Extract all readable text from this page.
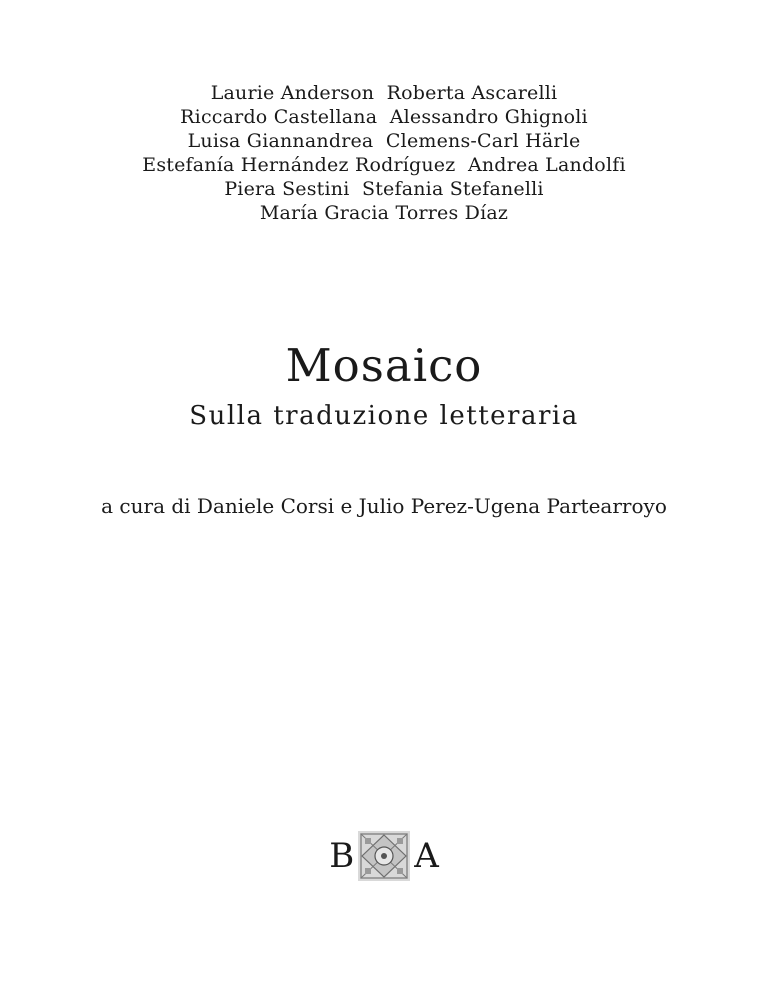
Laurie Anderson  Roberta Ascarelli
Riccardo Castellana  Alessandro Ghignoli
Luisa Giannandrea  Clemens-Carl Härle
Estefanía Hernández Rodríguez  Andrea Landolfi
Piera Sestini  Stefania Stefanelli
María Gracia Torres Díaz
Mosaico
Sulla traduzione letteraria
a cura di Daniele Corsi e Julio Perez-Ugena Partearroyo
B A
